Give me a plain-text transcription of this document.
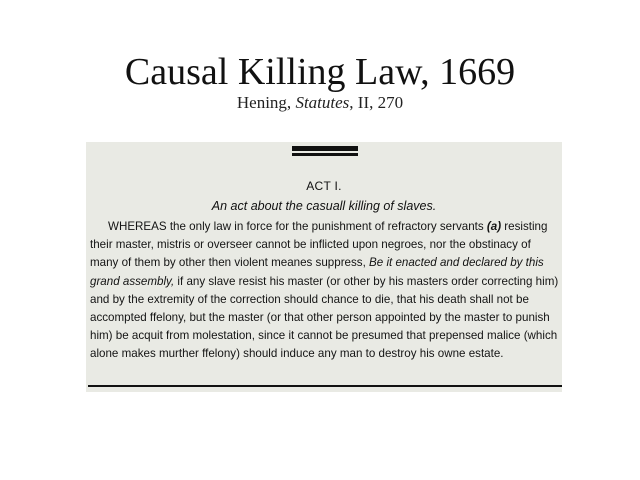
Causal Killing Law, 1669
Hening, Statutes, II, 270
ACT I.
An act about the casuall killing of slaves.
WHEREAS the only law in force for the punishment of refractory servants (a) resisting their master, mistris or overseer cannot be inflicted upon negroes, nor the obstinacy of many of them by other then violent meanes suppress, Be it enacted and declared by this grand assembly, if any slave resist his master (or other by his masters order correcting him) and by the extremity of the correction should chance to die, that his death shall not be accompted ffelony, but the master (or that other person appointed by the master to punish him) be acquit from molestation, since it cannot be presumed that prepensed malice (which alone makes murther ffelony) should induce any man to destroy his owne estate.
